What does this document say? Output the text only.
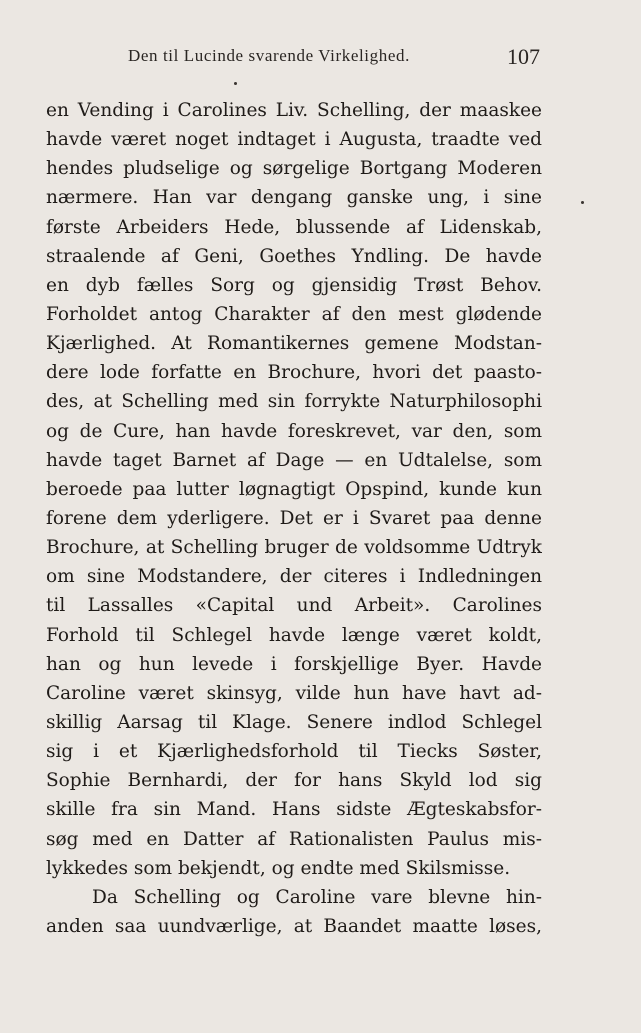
Den til Lucinde svarende Virkelighed.	107
en Vending i Carolines Liv. Schelling, der maaskee
havde været noget indtaget i Augusta, traadte ved
hendes pludselige og sørgelige Bortgang Moderen
nærmere. Han var dengang ganske ung, i sine
første Arbeiders Hede, blussende af Lidenskab,
straalende af Geni, Goethes Yndling. De havde
en dyb fælles Sorg og gjensidig Trøst Behov.
Forholdet antog Charakter af den mest glødende
Kjærlighed. At Romantikernes gemene Modstan-
dere lode forfatte en Brochure, hvori det paasto-
des, at Schelling med sin forrykte Naturphilosophi
og de Cure, han havde foreskrevet, var den, som
havde taget Barnet af Dage — en Udtalelse, som
beroede paa lutter løgnagtigt Opspind, kunde kun
forene dem yderligere. Det er i Svaret paa denne
Brochure, at Schelling bruger de voldsomme Udtryk
om sine Modstandere, der citeres i Indledningen
til Lassalles «Capital und Arbeit». Carolines
Forhold til Schlegel havde længe været koldt,
han og hun levede i forskjellige Byer. Havde
Caroline været skinsyg, vilde hun have havt ad-
skillig Aarsag til Klage. Senere indlod Schlegel
sig i et Kjærlighedsforhold til Tiecks Søster,
Sophie Bernhardi, der for hans Skyld lod sig
skille fra sin Mand. Hans sidste Ægteskabsfor-
søg med en Datter af Rationalisten Paulus mis-
lykkedes som bekjendt, og endte med Skilsmisse.
Da Schelling og Caroline vare blevne hin-
anden saa uundværlige, at Baandet maatte løses,
